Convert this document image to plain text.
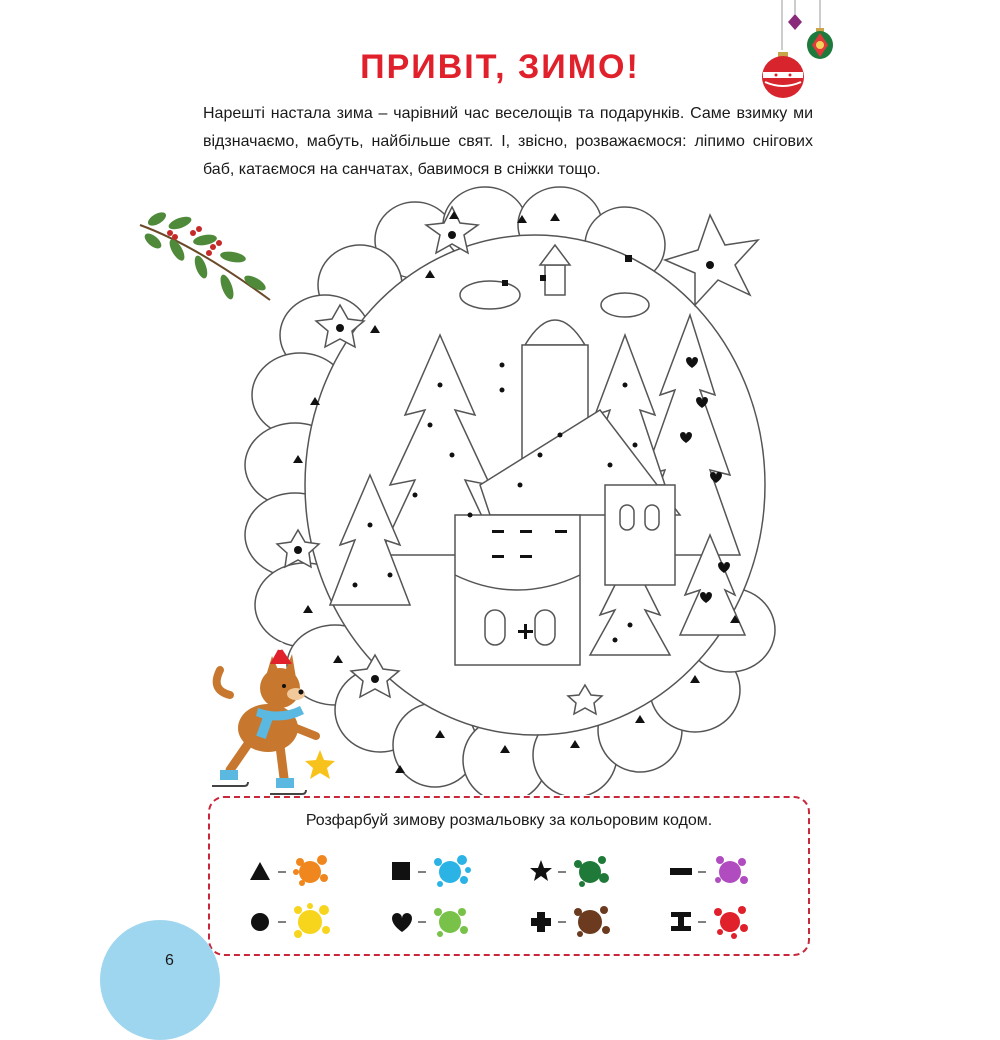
ПРИВІТ, ЗИМО!
Нарешті настала зима – чарівний час веселощів та подарунків. Саме взимку ми відзначаємо, мабуть, найбільше свят. І, звісно, розважаємося: ліпимо снігових баб, катаємося на санчатах, бавимося в сніжки тощо.
Розфарбуй зимову розмальовку за кольоровим кодом.
6
